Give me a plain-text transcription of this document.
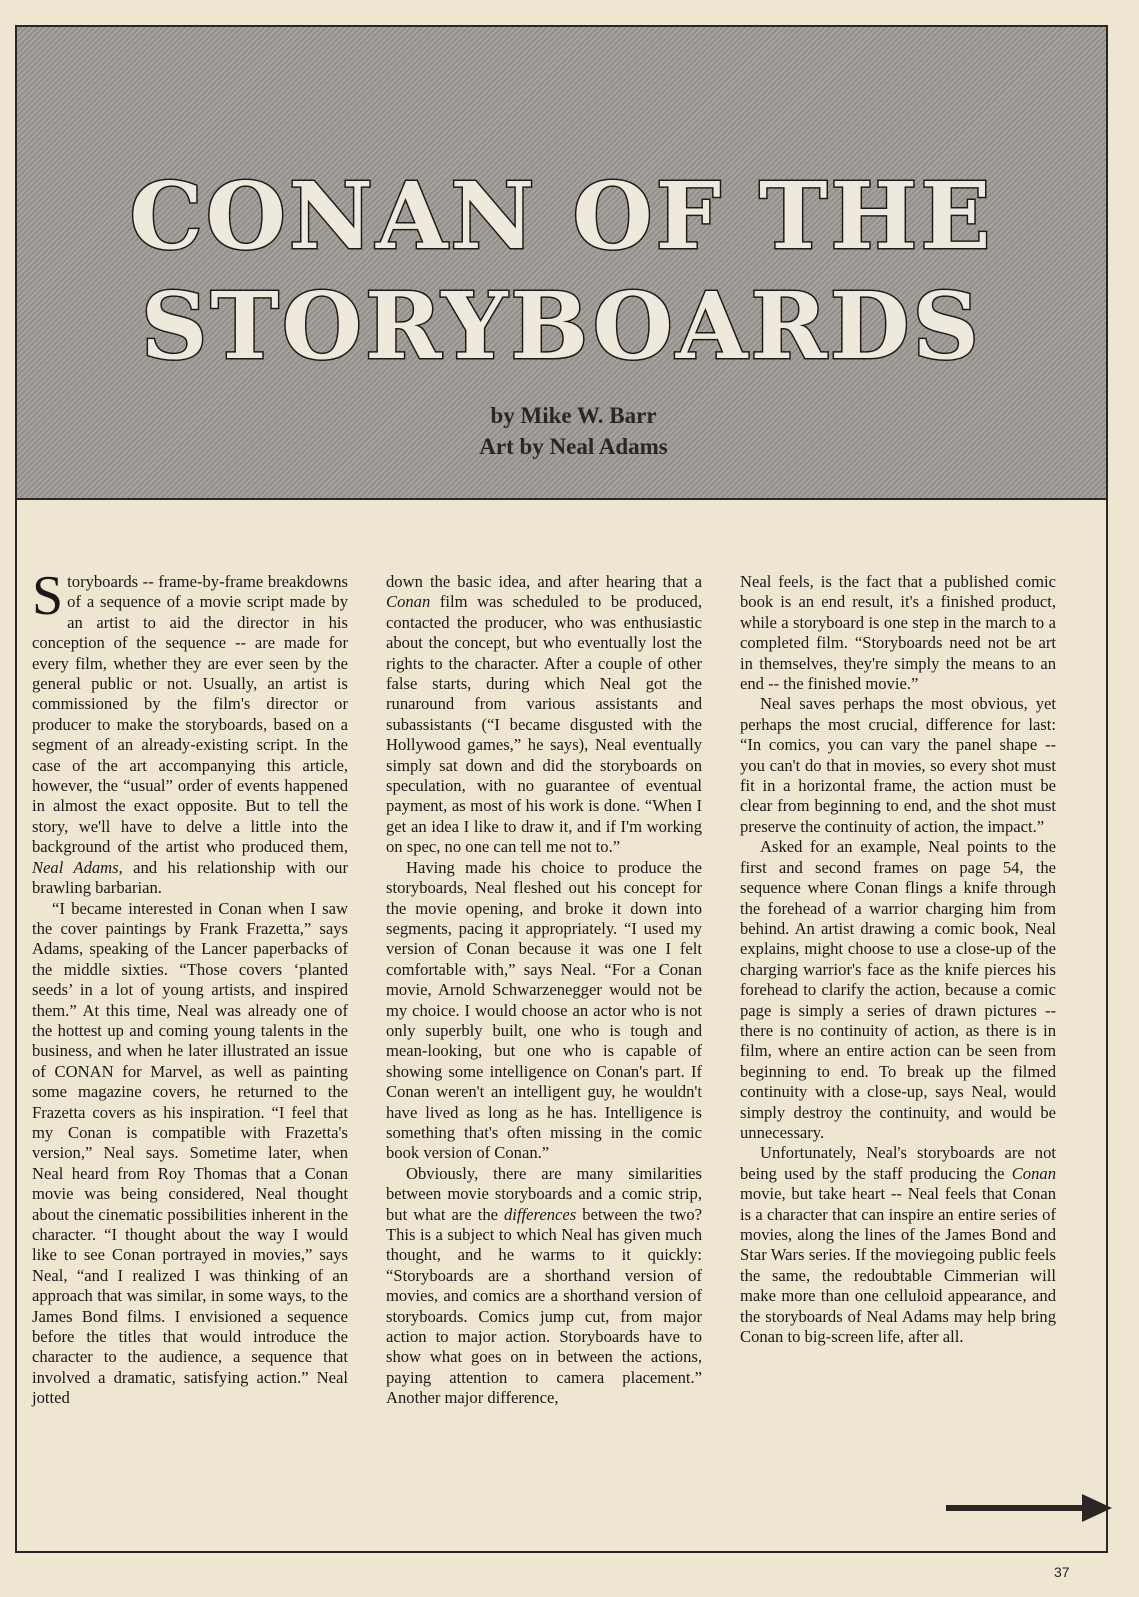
CONAN OF THE
STORYBOARDS
by Mike W. Barr
Art by Neal Adams

Storyboards -- frame-by-frame breakdowns of a sequence of a movie script made by an artist to aid the director in his conception of the sequence -- are made for every film, whether they are ever seen by the general public or not. Usually, an artist is commissioned by the film's director or producer to make the storyboards, based on a segment of an already-existing script. In the case of the art accompanying this article, however, the “usual” order of events happened in almost the exact opposite. But to tell the story, we'll have to delve a little into the background of the artist who produced them, Neal Adams, and his relationship with our brawling barbarian.

“I became interested in Conan when I saw the cover paintings by Frank Frazetta,” says Adams, speaking of the Lancer paperbacks of the middle sixties. “Those covers ‘planted seeds’ in a lot of young artists, and inspired them.” At this time, Neal was already one of the hottest up and coming young talents in the business, and when he later illustrated an issue of CONAN for Marvel, as well as painting some magazine covers, he returned to the Frazetta covers as his inspiration. “I feel that my Conan is compatible with Frazetta's version,” Neal says. Sometime later, when Neal heard from Roy Thomas that a Conan movie was being considered, Neal thought about the cinematic possibilities inherent in the character. “I thought about the way I would like to see Conan portrayed in movies,” says Neal, “and I realized I was thinking of an approach that was similar, in some ways, to the James Bond films. I envisioned a sequence before the titles that would introduce the character to the audience, a sequence that involved a dramatic, satisfying action.” Neal jotted

down the basic idea, and after hearing that a Conan film was scheduled to be produced, contacted the producer, who was enthusiastic about the concept, but who eventually lost the rights to the character. After a couple of other false starts, during which Neal got the runaround from various assistants and subassistants (“I became disgusted with the Hollywood games,” he says), Neal eventually simply sat down and did the storyboards on speculation, with no guarantee of eventual payment, as most of his work is done. “When I get an idea I like to draw it, and if I'm working on spec, no one can tell me not to.”

Having made his choice to produce the storyboards, Neal fleshed out his concept for the movie opening, and broke it down into segments, pacing it appropriately. “I used my version of Conan because it was one I felt comfortable with,” says Neal. “For a Conan movie, Arnold Schwarzenegger would not be my choice. I would choose an actor who is not only superbly built, one who is tough and mean-looking, but one who is capable of showing some intelligence on Conan's part. If Conan weren't an intelligent guy, he wouldn't have lived as long as he has. Intelligence is something that's often missing in the comic book version of Conan.”

Obviously, there are many similarities between movie storyboards and a comic strip, but what are the differences between the two? This is a subject to which Neal has given much thought, and he warms to it quickly: “Storyboards are a shorthand version of movies, and comics are a shorthand version of storyboards. Comics jump cut, from major action to major action. Storyboards have to show what goes on in between the actions, paying attention to camera placement.” Another major difference,

Neal feels, is the fact that a published comic book is an end result, it's a finished product, while a storyboard is one step in the march to a completed film. “Storyboards need not be art in themselves, they're simply the means to an end -- the finished movie.”

Neal saves perhaps the most obvious, yet perhaps the most crucial, difference for last: “In comics, you can vary the panel shape -- you can't do that in movies, so every shot must fit in a horizontal frame, the action must be clear from beginning to end, and the shot must preserve the continuity of action, the impact.”

Asked for an example, Neal points to the first and second frames on page 54, the sequence where Conan flings a knife through the forehead of a warrior charging him from behind. An artist drawing a comic book, Neal explains, might choose to use a close-up of the charging warrior's face as the knife pierces his forehead to clarify the action, because a comic page is simply a series of drawn pictures -- there is no continuity of action, as there is in film, where an entire action can be seen from beginning to end. To break up the filmed continuity with a close-up, says Neal, would simply destroy the continuity, and would be unnecessary.

Unfortunately, Neal's storyboards are not being used by the staff producing the Conan movie, but take heart -- Neal feels that Conan is a character that can inspire an entire series of movies, along the lines of the James Bond and Star Wars series. If the moviegoing public feels the same, the redoubtable Cimmerian will make more than one celluloid appearance, and the storyboards of Neal Adams may help bring Conan to big-screen life, after all.

37
